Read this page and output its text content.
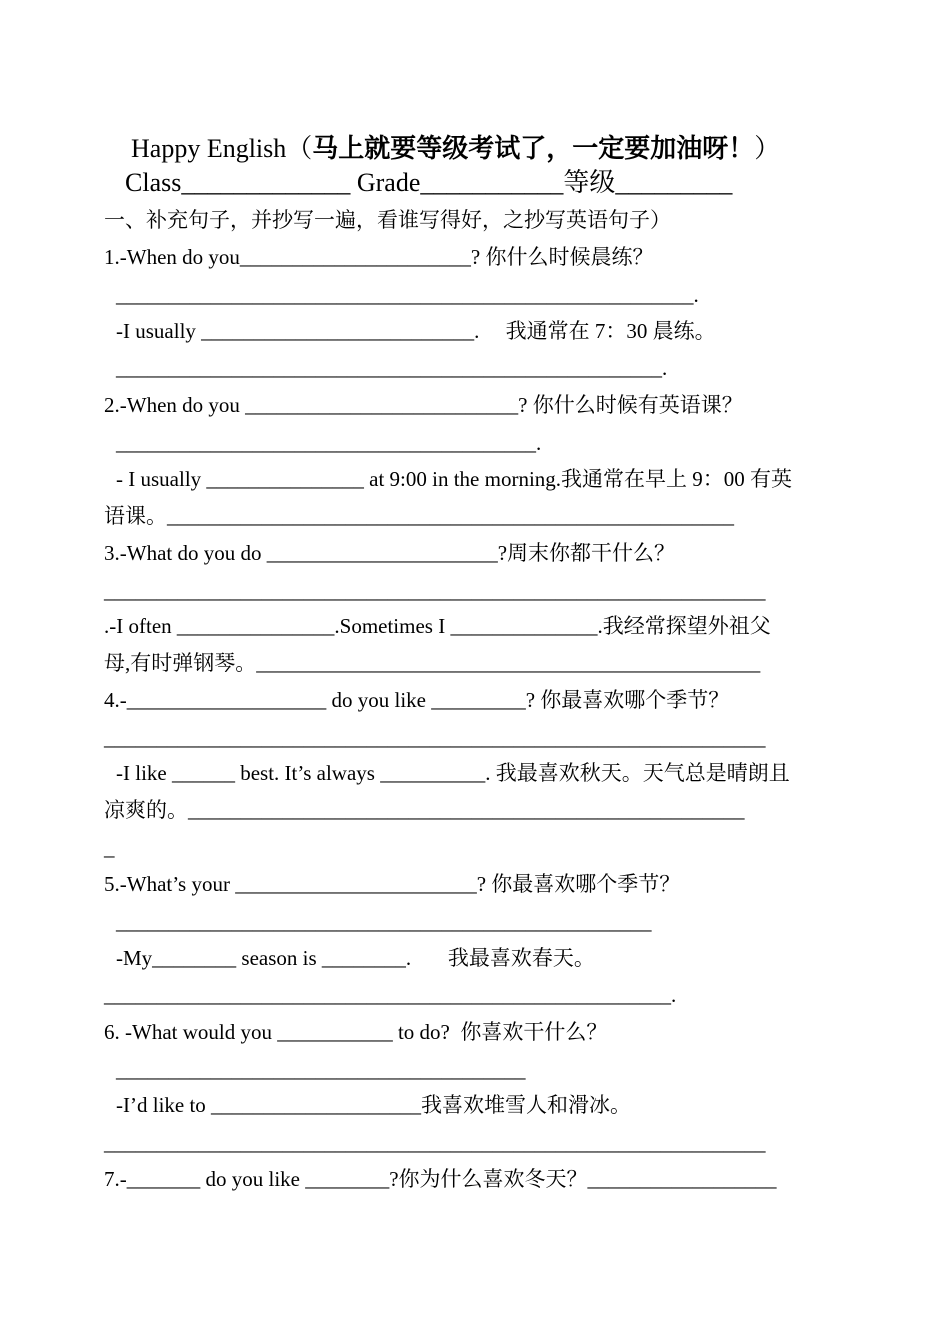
Happy English（马上就要等级考试了，一定要加油呀！）
Class_____________ Grade___________等级_________
一、补充句子，并抄写一遍，看谁写得好，之抄写英语句子）
1.-When do you______________________? 你什么时候晨练？
_______________________________________________________.
-I usually __________________________.     我通常在 7：30 晨练。
____________________________________________________.
2.-When do you __________________________? 你什么时候有英语课？
________________________________________.
- I usually _______________ at 9:00 in the morning.我通常在早上 9：00 有英
语课。______________________________________________________
3.-What do you do ______________________?周末你都干什么？
_______________________________________________________________
.-I often _______________.Sometimes I ______________.我经常探望外祖父
母,有时弹钢琴。________________________________________________
4.-___________________ do you like _________? 你最喜欢哪个季节？
_______________________________________________________________
-I like ______ best. It’s always __________. 我最喜欢秋天。天气总是晴朗且
凉爽的。_____________________________________________________
_
5.-What’s your _______________________? 你最喜欢哪个季节？
___________________________________________________
-My________ season is ________.       我最喜欢春天。
______________________________________________________.
6. -What would you ___________ to do?  你喜欢干什么？
_______________________________________
-I’d like to ____________________我喜欢堆雪人和滑冰。
_______________________________________________________________
7.-_______ do you like ________?你为什么喜欢冬天？__________________
